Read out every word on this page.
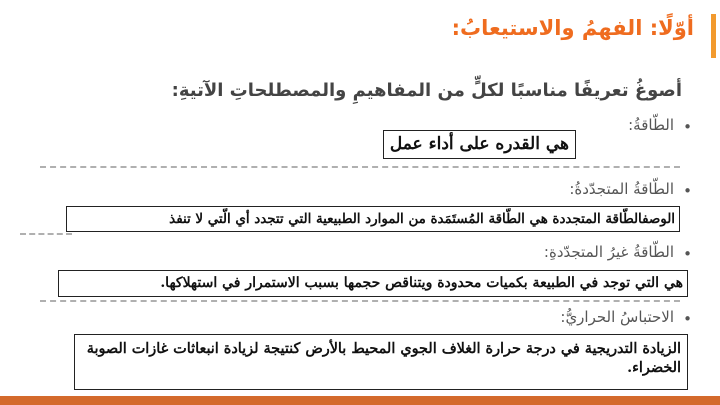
أوّلًا: الفهمُ والاستيعابُ:
أصوغُ تعريفًا مناسبًا لكلٍّ من المفاهيمِ والمصطلحاتِ الآتيةِ:
•
الطّاقةُ:
هي القدره على أداء عمل
•
الطّاقةُ المتجدّدةُ:
الوصفالطّاقة المتجددة هي الطّاقة المُستَمَدة من الموارد الطبيعية التي تتجدد أي الّتي لا تنفذ
•
الطّاقةُ غيرُ المتجدّدةِ:
هي التي توجد في الطبيعة بكميات محدودة ويتناقص حجمها بسبب الاستمرار في استهلاكها.
•
الاحتباسُ الحراريُّ:
الزيادة التدريجية في درجة حرارة الغلاف الجوي المحيط بالأرض كنتيجة لزيادة انبعاثات غازات الصوبة الخضراء.
